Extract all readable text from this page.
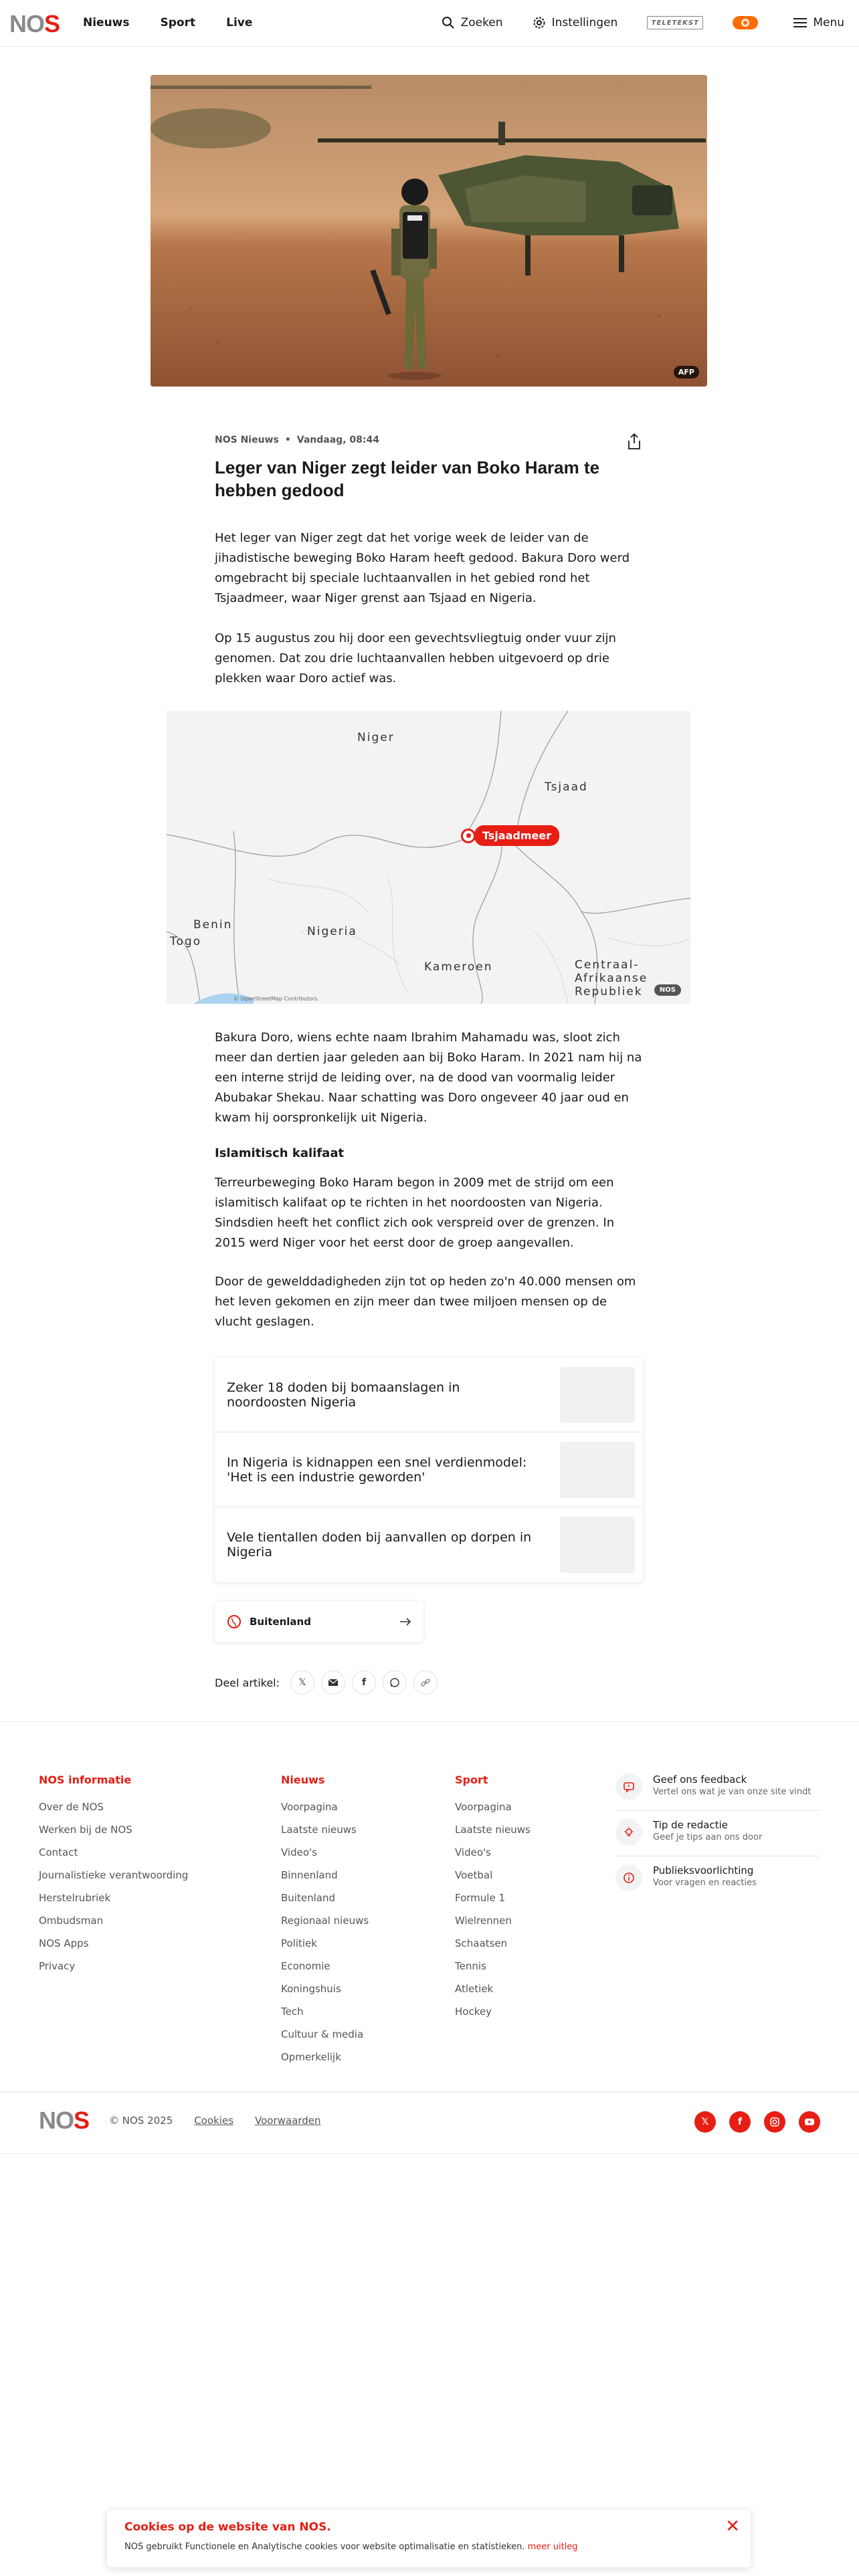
NOS Nieuws	Sport	Live	Zoeken	Instellingen	TELETEKST	Menu
AFP
NOS Nieuws • Vandaag, 08:44
Leger van Niger zegt leider van Boko Haram te hebben gedood

Het leger van Niger zegt dat het vorige week de leider van de jihadistische beweging Boko Haram heeft gedood. Bakura Doro werd omgebracht bij speciale luchtaanvallen in het gebied rond het Tsjaadmeer, waar Niger grenst aan Tsjaad en Nigeria.

Op 15 augustus zou hij door een gevechtsvliegtuig onder vuur zijn genomen. Dat zou drie luchtaanvallen hebben uitgevoerd op drie plekken waar Doro actief was.

Niger
Tsjaad
Nigeria
Benin
Togo
Kameroen	Centraal-
Afrikaanse
Republiek
Tsjaadmeer
© OpenStreetMap Contributors
NOS

Bakura Doro, wiens echte naam Ibrahim Mahamadu was, sloot zich meer dan dertien jaar geleden aan bij Boko Haram. In 2021 nam hij na een interne strijd de leiding over, na de dood van voormalig leider Abubakar Shekau. Naar schatting was Doro ongeveer 40 jaar oud en kwam hij oorspronkelijk uit Nigeria.

Islamitisch kalifaat

Terreurbeweging Boko Haram begon in 2009 met de strijd om een islamitisch kalifaat op te richten in het noordoosten van Nigeria. Sindsdien heeft het conflict zich ook verspreid over de grenzen. In 2015 werd Niger voor het eerst door de groep aangevallen.

Door de gewelddadigheden zijn tot op heden zo'n 40.000 mensen om het leven gekomen en zijn meer dan twee miljoen mensen op de vlucht geslagen.

Zeker 18 doden bij bomaanslagen in noordoosten Nigeria
In Nigeria is kidnappen een snel verdienmodel: 'Het is een industrie geworden'
Vele tientallen doden bij aanvallen op dorpen in Nigeria
Buitenland
Deel artikel: 𝕏	f
NOS informatie
Over de NOS
Werken bij de NOS
Contact
Journalistieke verantwoording
Herstelrubriek
Ombudsman
NOS Apps
Privacy
Nieuws
Voorpagina
Laatste nieuws
Video's
Binnenland
Buitenland
Regionaal nieuws
Politiek
Economie
Koningshuis
Tech
Cultuur & media
Opmerkelijk
Sport
Voorpagina
Laatste nieuws
Video's
Voetbal
Formule 1
Wielrennen
Schaatsen
Tennis
Atletiek
Hockey
Geef ons feedback
Vertel ons wat je van onze site vindt
Tip de redactie
Geef je tips aan ons door
Publieksvoorlichting
Voor vragen en reacties
NOS © NOS 2025 Cookies Voorwaarden	𝕏	f
Cookies op de website van NOS.
NOS gebruikt Functionele en Analytische cookies voor website optimalisatie en statistieken. meer uitleg
✕
